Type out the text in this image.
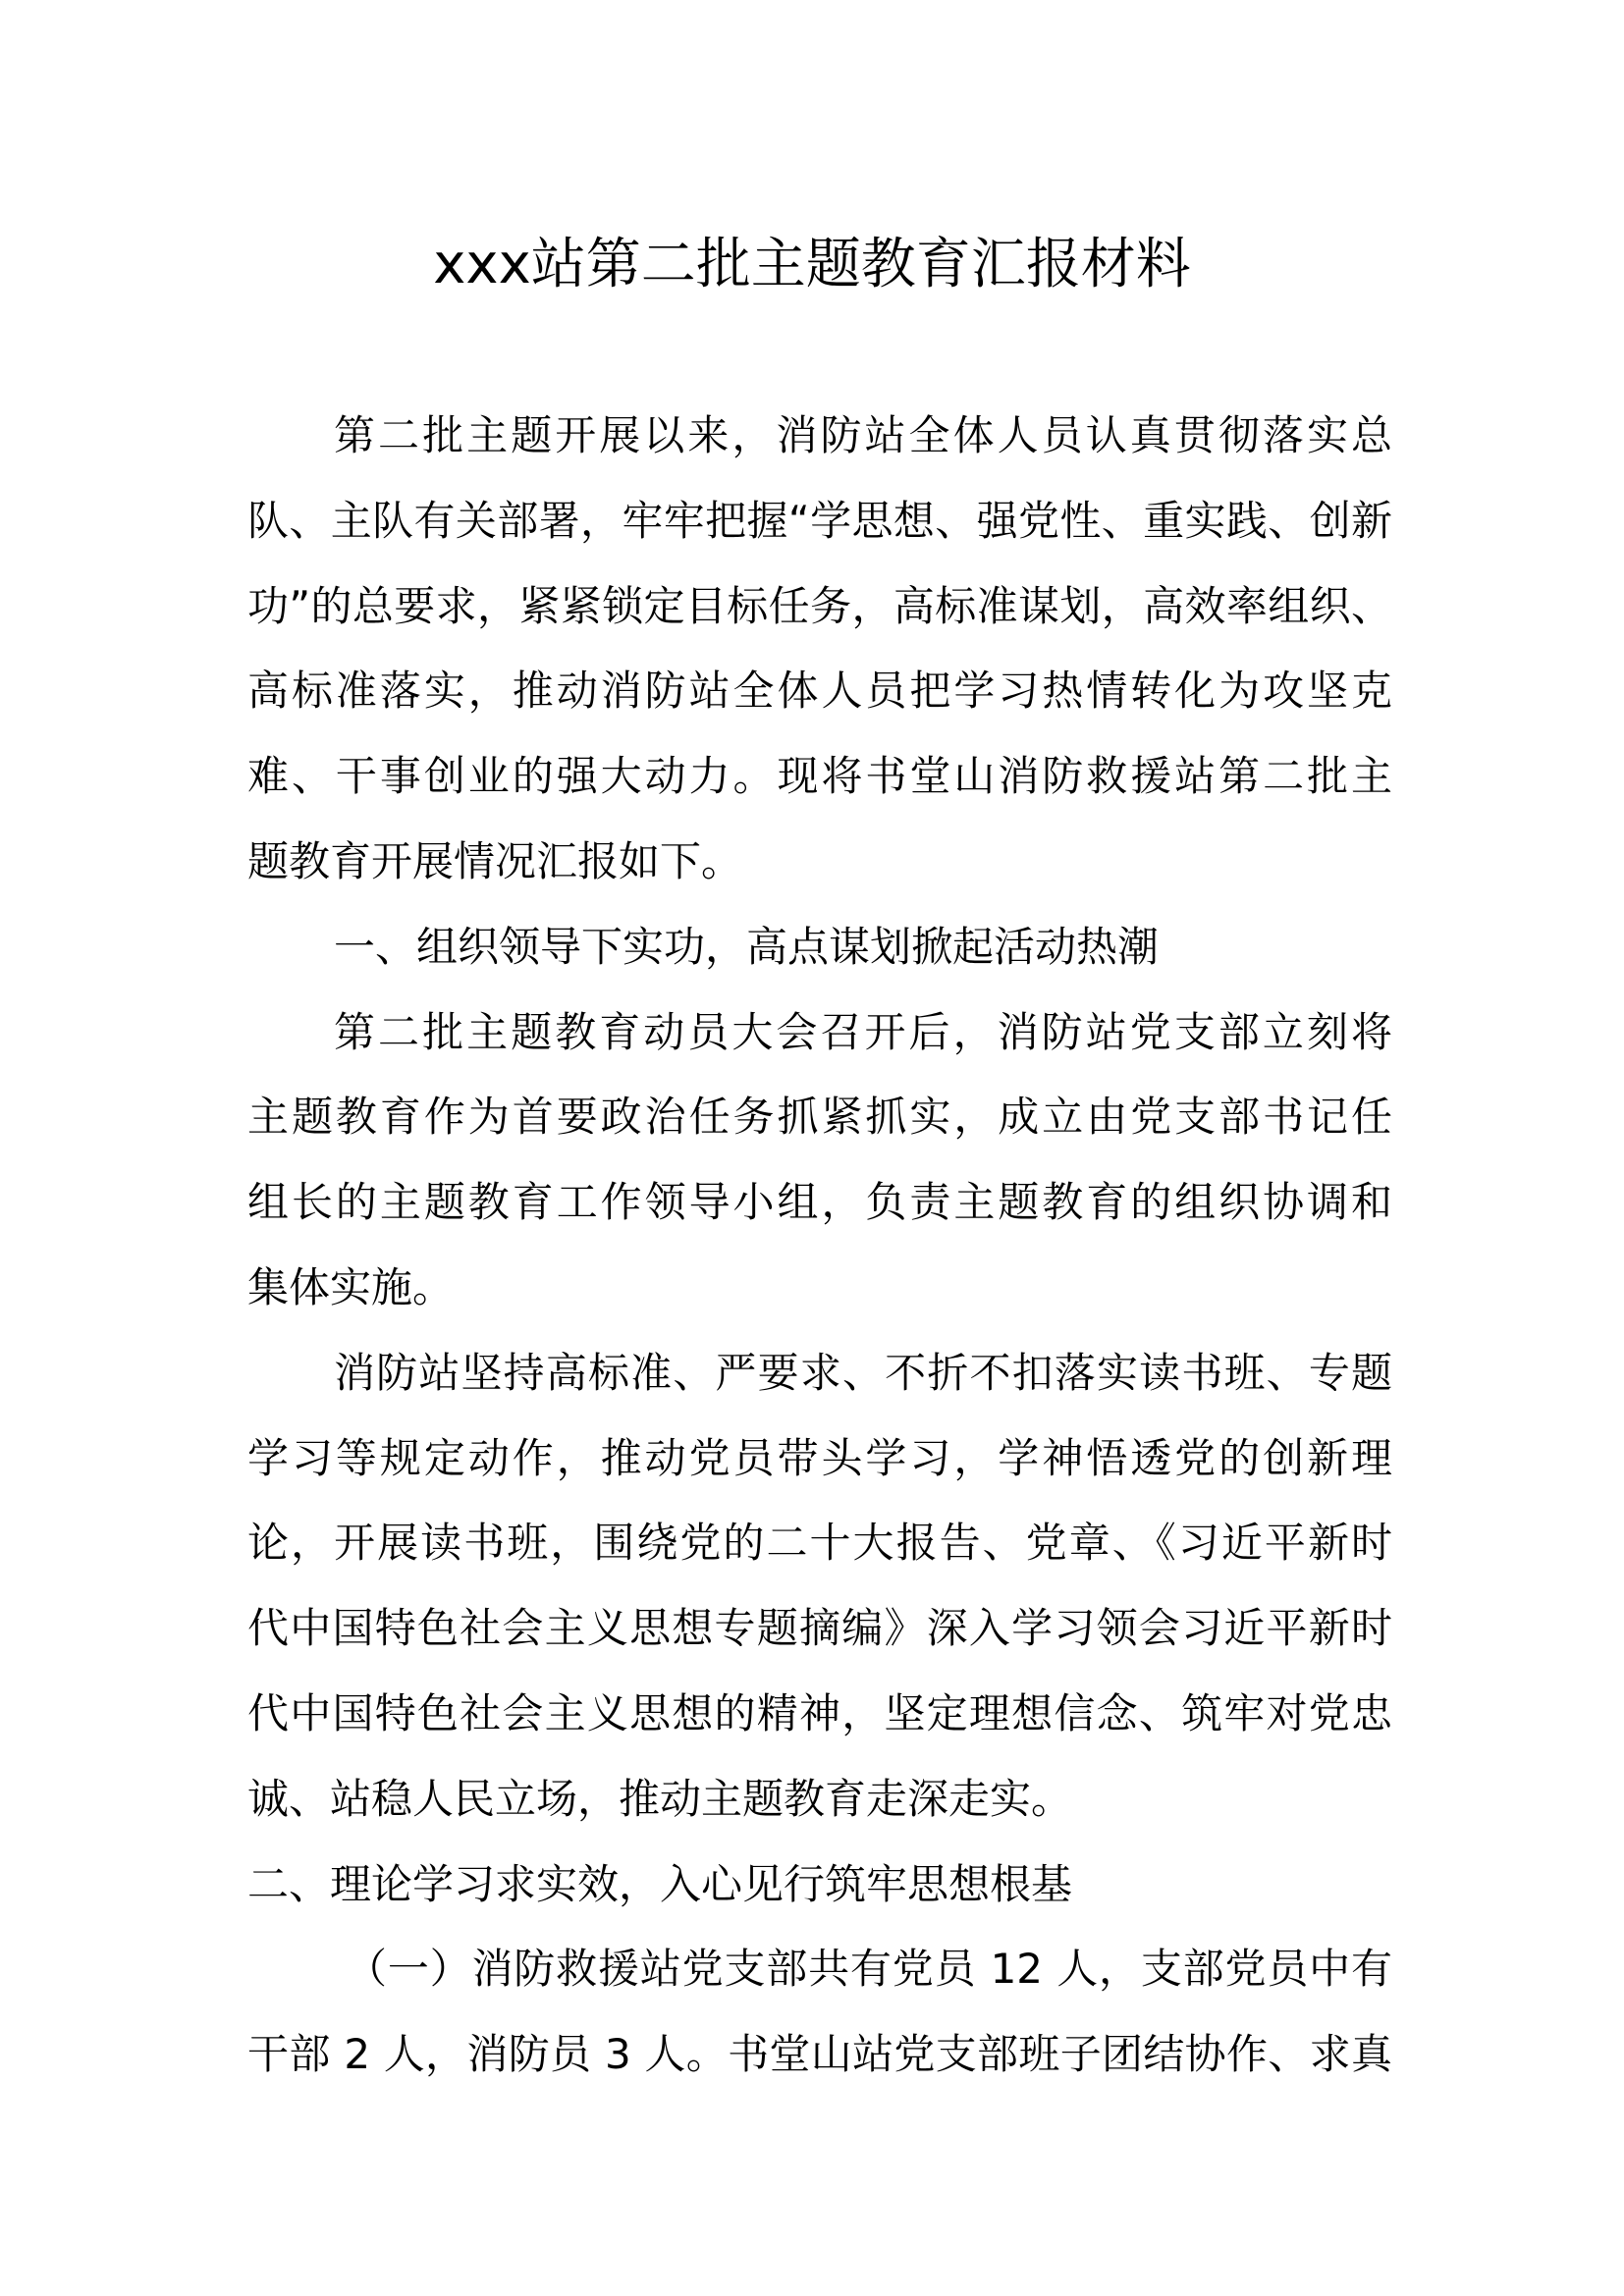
xxx站第二批主题教育汇报材料
第二批主题开展以来，消防站全体人员认真贯彻落实总
队、主队有关部署，牢牢把握“学思想、强党性、重实践、创新
功”的总要求，紧紧锁定目标任务，高标准谋划，高效率组织、
高标准落实，推动消防站全体人员把学习热情转化为攻坚克
难、干事创业的强大动力。现将书堂山消防救援站第二批主
题教育开展情况汇报如下。
一、组织领导下实功，高点谋划掀起活动热潮
第二批主题教育动员大会召开后，消防站党支部立刻将
主题教育作为首要政治任务抓紧抓实，成立由党支部书记任
组长的主题教育工作领导小组，负责主题教育的组织协调和
集体实施。
消防站坚持高标准、严要求、不折不扣落实读书班、专题
学习等规定动作，推动党员带头学习，学神悟透党的创新理
论，开展读书班，围绕党的二十大报告、党章、《习近平新时
代中国特色社会主义思想专题摘编》深入学习领会习近平新时
代中国特色社会主义思想的精神，坚定理想信念、筑牢对党忠
诚、站稳人民立场，推动主题教育走深走实。
二、理论学习求实效，入心见行筑牢思想根基
（一）消防救援站党支部共有党员 12 人，支部党员中有
干部 2 人，消防员 3 人。书堂山站党支部班子团结协作、求真
